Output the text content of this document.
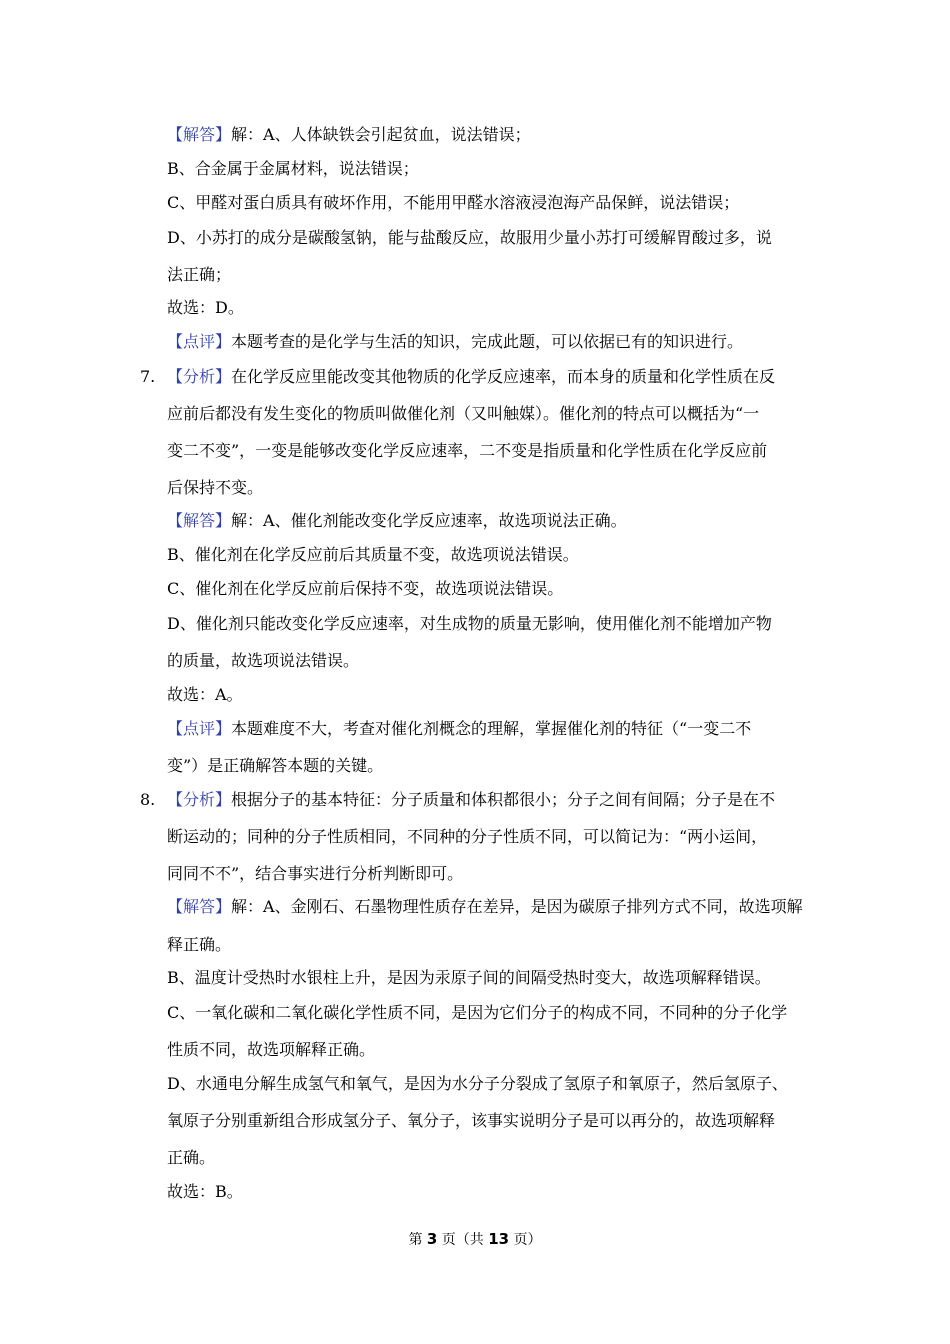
【解答】解：A、人体缺铁会引起贫血，说法错误；
B、合金属于金属材料，说法错误；
C、甲醛对蛋白质具有破坏作用，不能用甲醛水溶液浸泡海产品保鲜，说法错误；
D、小苏打的成分是碳酸氢钠，能与盐酸反应，故服用少量小苏打可缓解胃酸过多，说
法正确；
故选：D。
【点评】本题考查的是化学与生活的知识，完成此题，可以依据已有的知识进行。
7. 【分析】在化学反应里能改变其他物质的化学反应速率，而本身的质量和化学性质在反
应前后都没有发生变化的物质叫做催化剂（又叫触媒）。催化剂的特点可以概括为“一
变二不变”，一变是能够改变化学反应速率，二不变是指质量和化学性质在化学反应前
后保持不变。
【解答】解：A、催化剂能改变化学反应速率，故选项说法正确。
B、催化剂在化学反应前后其质量不变，故选项说法错误。
C、催化剂在化学反应前后保持不变，故选项说法错误。
D、催化剂只能改变化学反应速率，对生成物的质量无影响，使用催化剂不能增加产物
的质量，故选项说法错误。
故选：A。
【点评】本题难度不大，考查对催化剂概念的理解，掌握催化剂的特征（“一变二不
变”）是正确解答本题的关键。
8. 【分析】根据分子的基本特征：分子质量和体积都很小；分子之间有间隔；分子是在不
断运动的；同种的分子性质相同，不同种的分子性质不同，可以简记为：“两小运间，
同同不不”，结合事实进行分析判断即可。
【解答】解：A、金刚石、石墨物理性质存在差异，是因为碳原子排列方式不同，故选项解
释正确。
B、温度计受热时水银柱上升，是因为汞原子间的间隔受热时变大，故选项解释错误。
C、一氧化碳和二氧化碳化学性质不同，是因为它们分子的构成不同，不同种的分子化学
性质不同，故选项解释正确。
D、水通电分解生成氢气和氧气，是因为水分子分裂成了氢原子和氧原子，然后氢原子、
氧原子分别重新组合形成氢分子、氧分子，该事实说明分子是可以再分的，故选项解释
正确。
故选：B。
第 3 页（共 13 页）
